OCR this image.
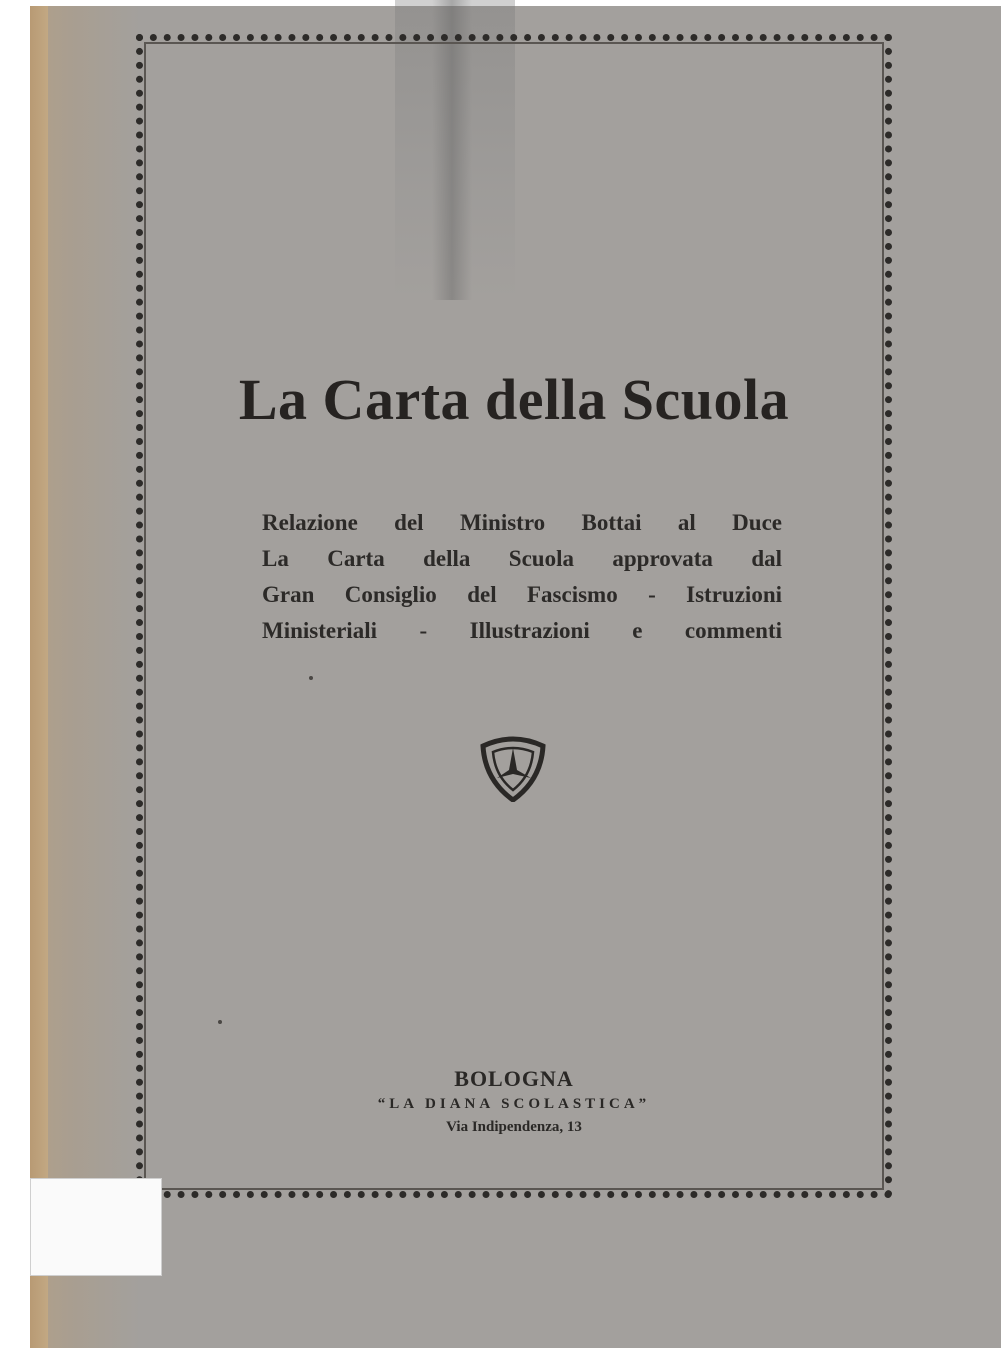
La Carta della Scuola
Relazione del Ministro Bottai al Duce
La Carta della Scuola approvata dal
Gran Consiglio del Fascismo - Istruzioni
Ministeriali - Illustrazioni e commenti
BOLOGNA
“LA DIANA SCOLASTICA”
Via Indipendenza, 13
